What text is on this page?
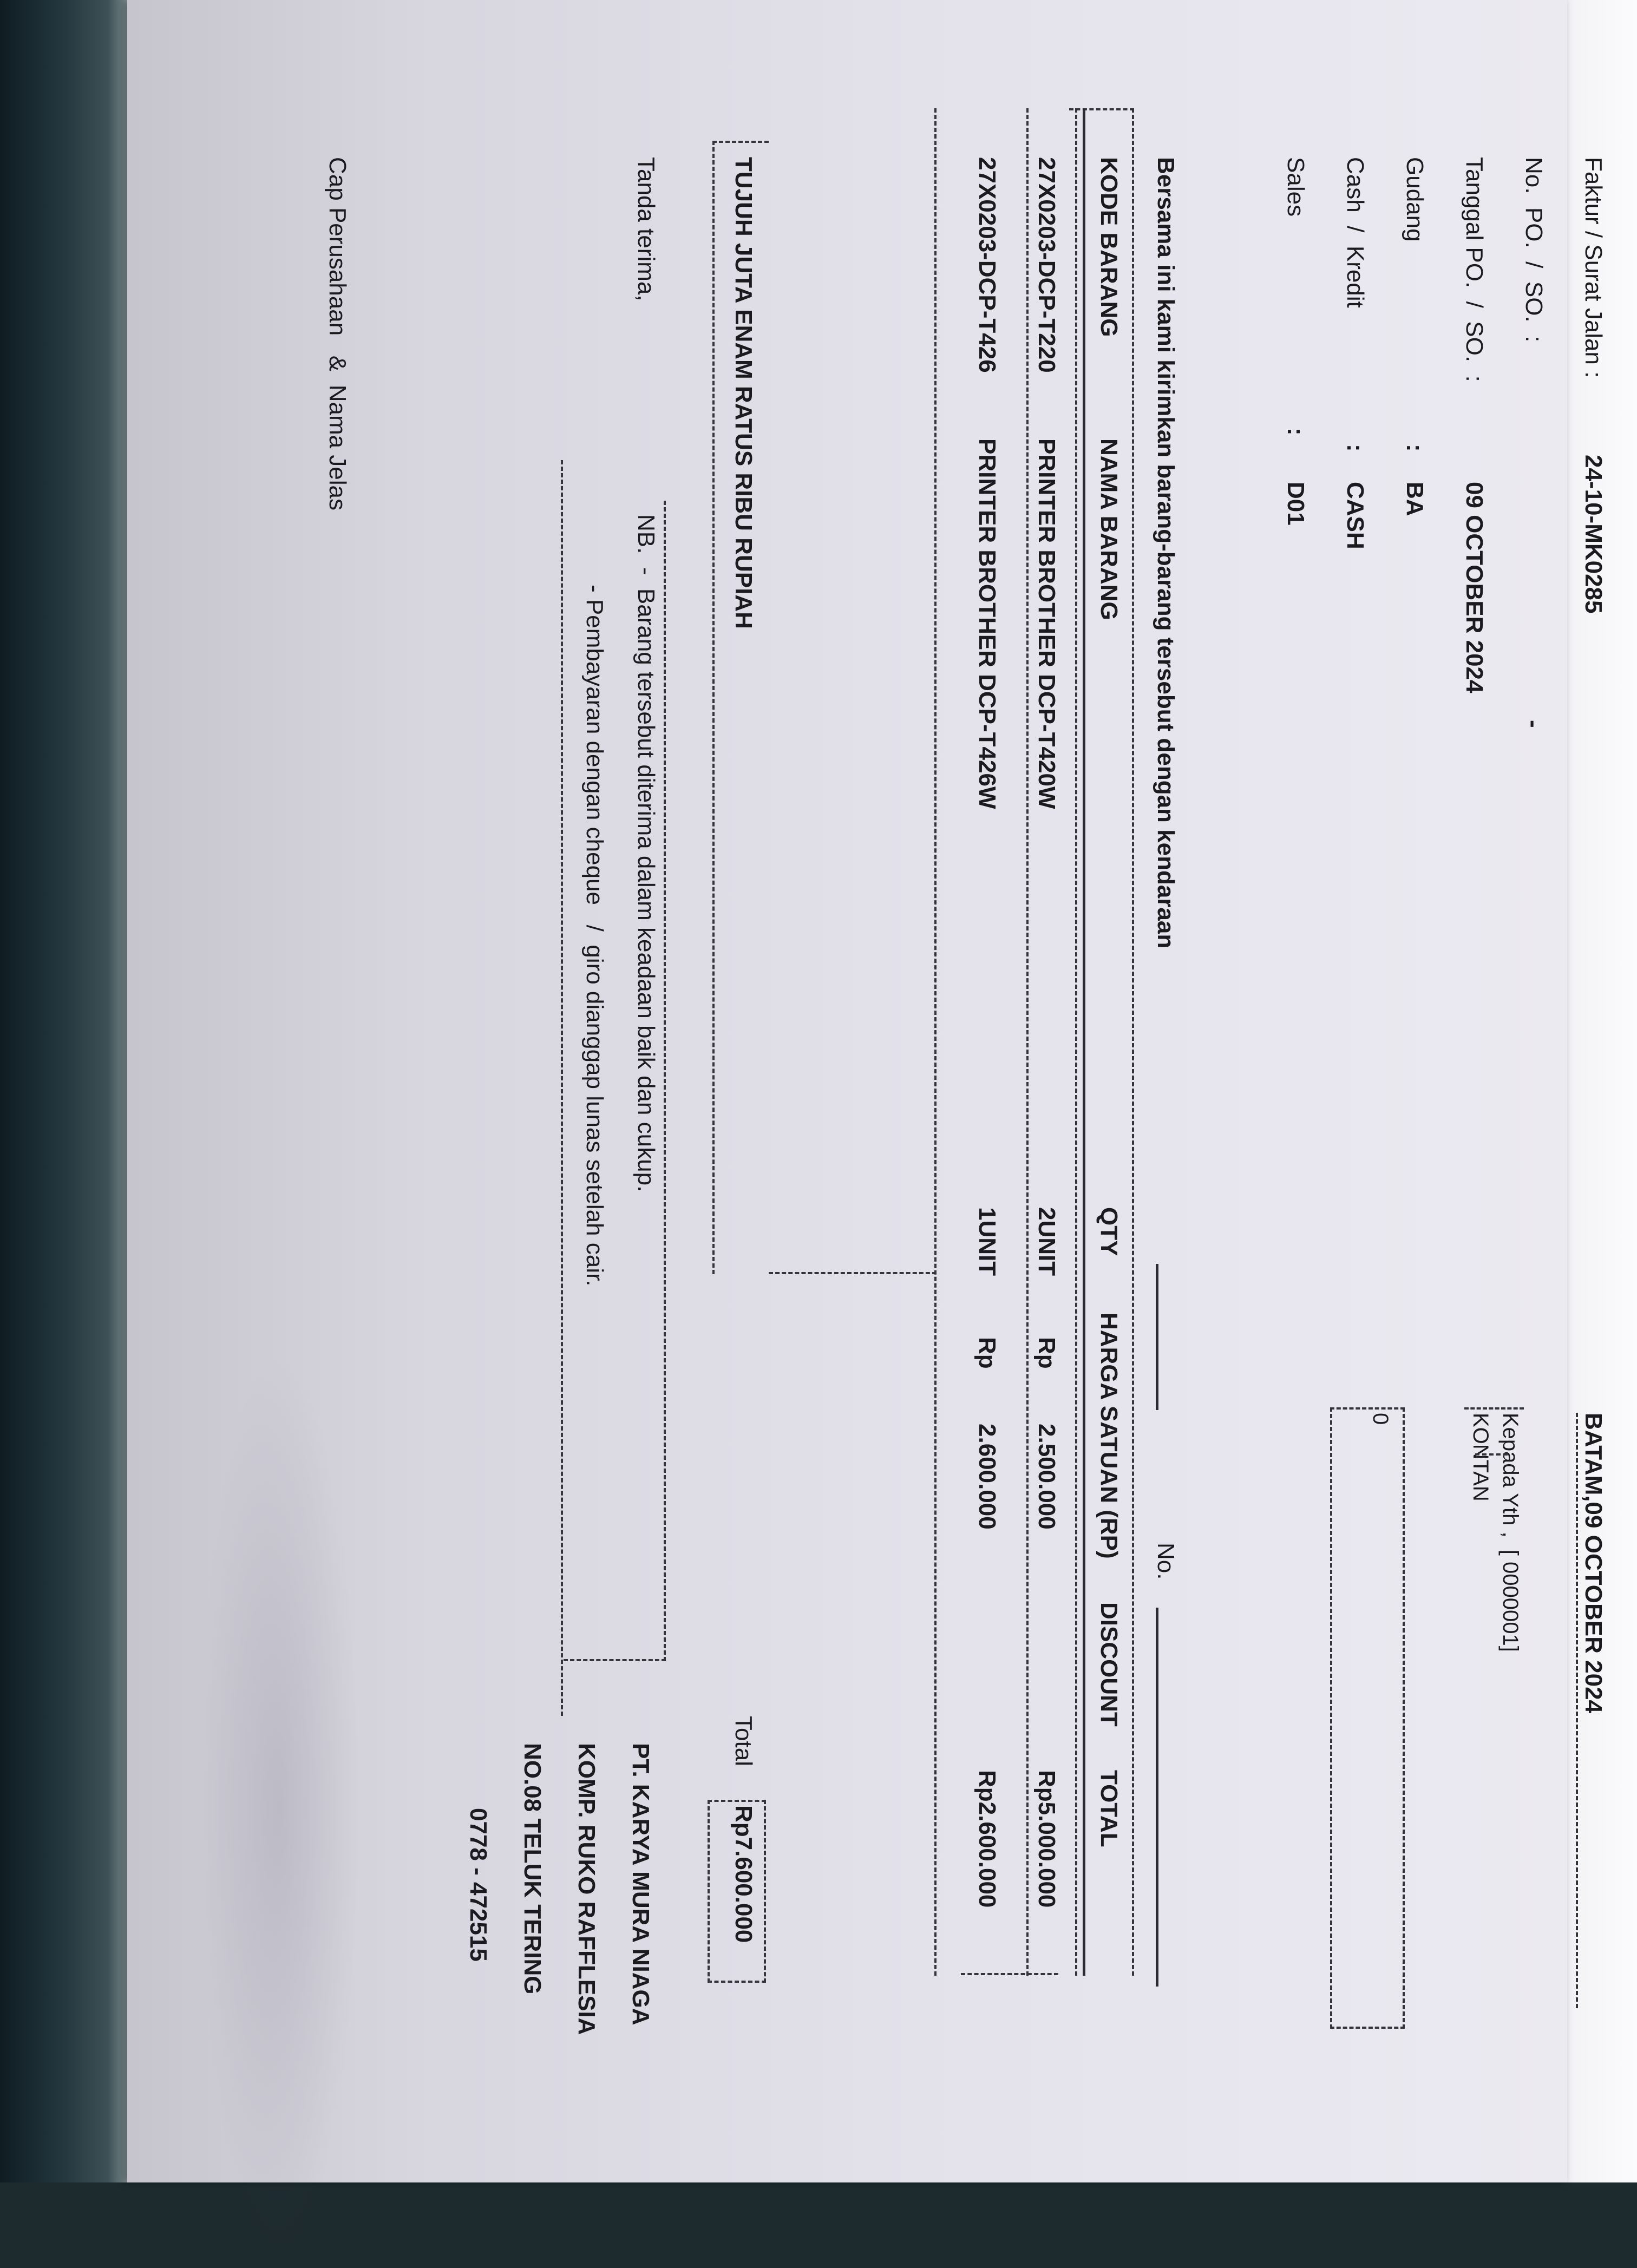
Faktur / Surat Jalan :
24-10-MK0285
No.  PO.  /  SO.  :
-
Tanggal PO.  /  SO.  :
09 OCTOBER 2024
Gudang
:
BA
Cash  /  Kredit
:
CASH
Sales
:
D01
BATAM,09 OCTOBER 2024
Kepada Yth ,  [ 0000001]
KONTAN
0
Bersama ini kami kirimkan barang-barang tersebut dengan kendaraan
No.
KODE BARANG
NAMA BARANG
QTY
HARGA SATUAN (RP)
DISCOUNT
TOTAL
27X0203-DCP-T220
PRINTER BROTHER DCP-T420W
2UNIT
Rp
2.500.000
Rp5.000.000
27X0203-DCP-T426
PRINTER BROTHER DCP-T426W
1UNIT
Rp
2.600.000
Rp2.600.000
TUJUH JUTA ENAM RATUS RIBU RUPIAH
Total
Rp7.600.000
Tanda terima,
NB.  -  Barang tersebut diterima dalam keadaan baik dan cukup.
- Pembayaran dengan cheque   /  giro dianggap lunas setelah cair.
Cap Perusahaan   &  Nama Jelas
PT. KARYA MURA NIAGA
KOMP. RUKO RAFFLESIA
NO.08 TELUK TERING
0778 - 472515
